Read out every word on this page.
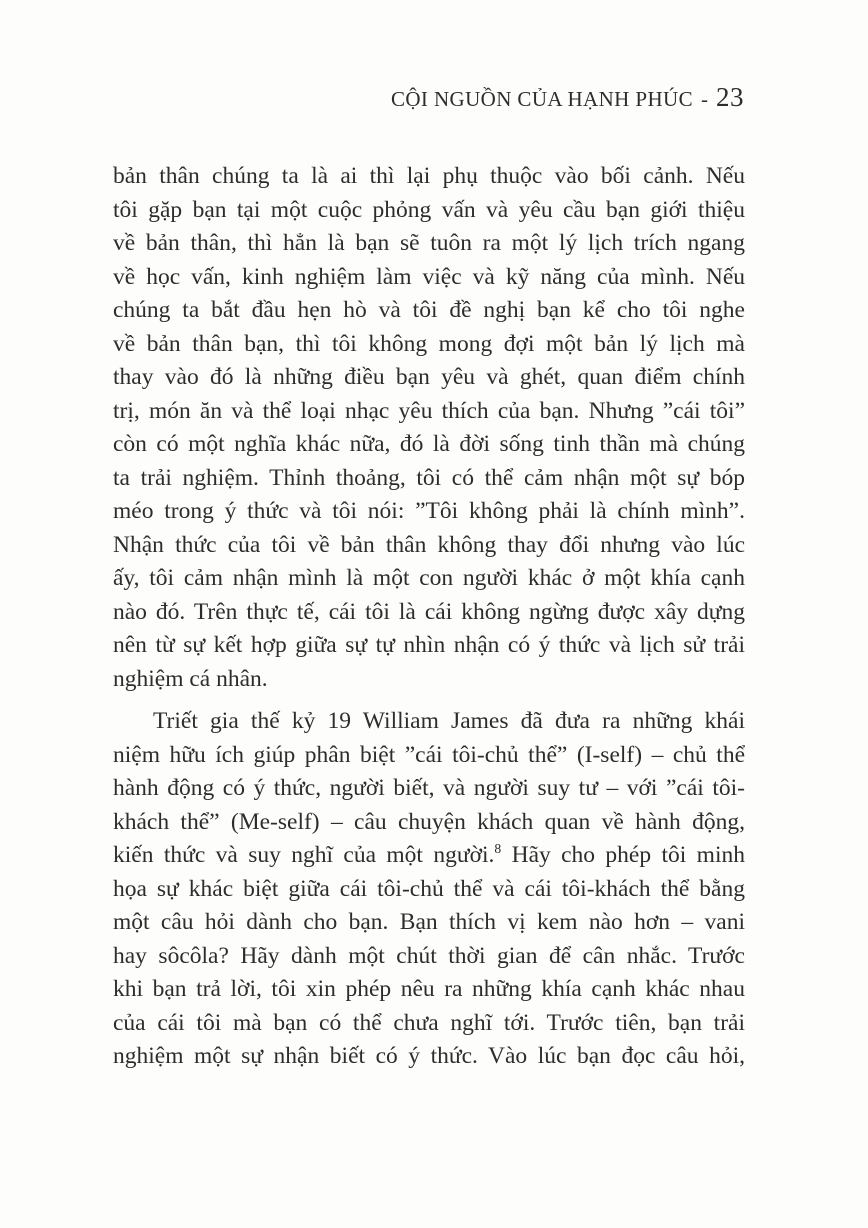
CỘI NGUỒN CỦA HẠNH PHÚC - 23
bản thân chúng ta là ai thì lại phụ thuộc vào bối cảnh. Nếu
tôi gặp bạn tại một cuộc phỏng vấn và yêu cầu bạn giới thiệu
về bản thân, thì hẳn là bạn sẽ tuôn ra một lý lịch trích ngang
về học vấn, kinh nghiệm làm việc và kỹ năng của mình. Nếu
chúng ta bắt đầu hẹn hò và tôi đề nghị bạn kể cho tôi nghe
về bản thân bạn, thì tôi không mong đợi một bản lý lịch mà
thay vào đó là những điều bạn yêu và ghét, quan điểm chính
trị, món ăn và thể loại nhạc yêu thích của bạn. Nhưng ”cái tôi”
còn có một nghĩa khác nữa, đó là đời sống tinh thần mà chúng
ta trải nghiệm. Thỉnh thoảng, tôi có thể cảm nhận một sự bóp
méo trong ý thức và tôi nói: ”Tôi không phải là chính mình”.
Nhận thức của tôi về bản thân không thay đổi nhưng vào lúc
ấy, tôi cảm nhận mình là một con người khác ở một khía cạnh
nào đó. Trên thực tế, cái tôi là cái không ngừng được xây dựng
nên từ sự kết hợp giữa sự tự nhìn nhận có ý thức và lịch sử trải
nghiệm cá nhân.
Triết gia thế kỷ 19 William James đã đưa ra những khái
niệm hữu ích giúp phân biệt ”cái tôi-chủ thể” (I-self) – chủ thể
hành động có ý thức, người biết, và người suy tư – với ”cái tôi-
khách thể” (Me-self) – câu chuyện khách quan về hành động,
kiến thức và suy nghĩ của một người.$^8$ Hãy cho phép tôi minh
họa sự khác biệt giữa cái tôi-chủ thể và cái tôi-khách thể bằng
một câu hỏi dành cho bạn. Bạn thích vị kem nào hơn – vani
hay sôcôla? Hãy dành một chút thời gian để cân nhắc. Trước
khi bạn trả lời, tôi xin phép nêu ra những khía cạnh khác nhau
của cái tôi mà bạn có thể chưa nghĩ tới. Trước tiên, bạn trải
nghiệm một sự nhận biết có ý thức. Vào lúc bạn đọc câu hỏi,
